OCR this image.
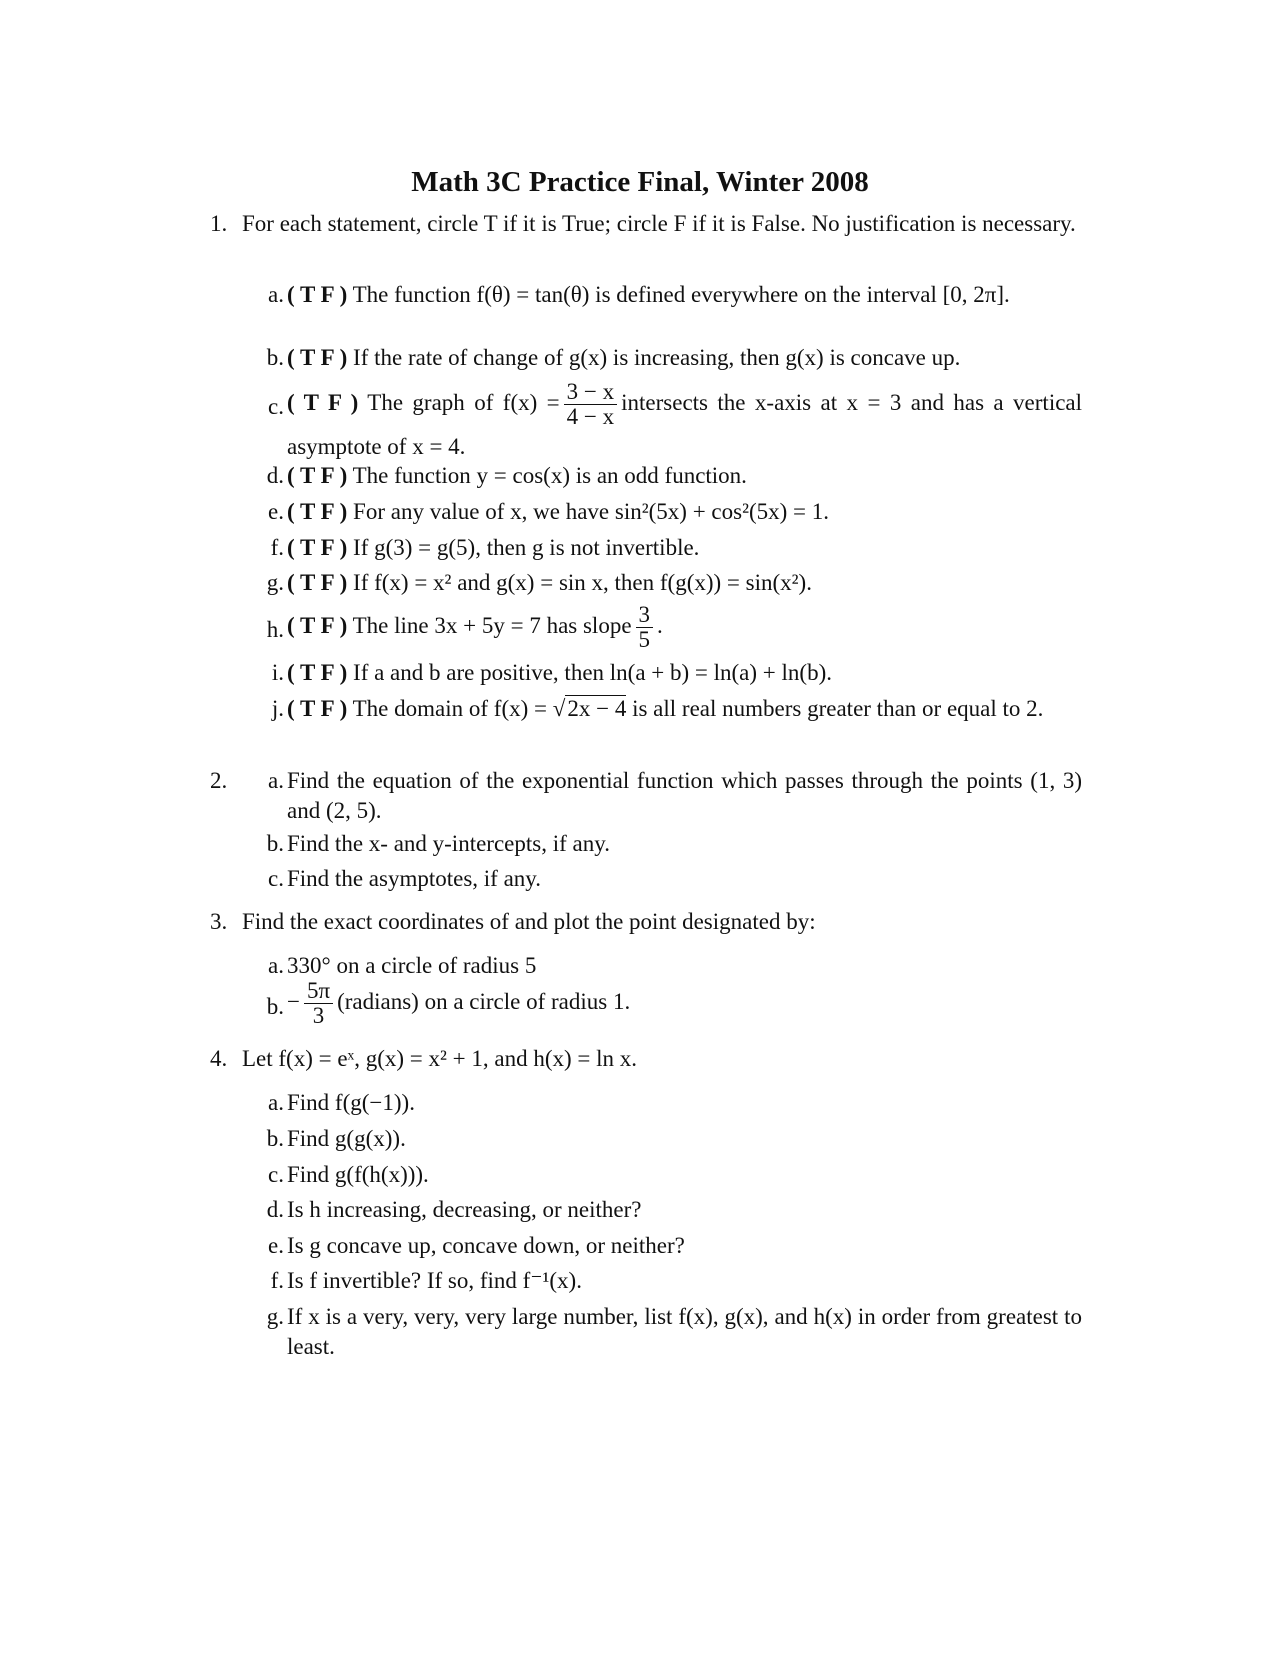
Math 3C Practice Final, Winter 2008
1. For each statement, circle T if it is True; circle F if it is False. No justification is necessary.
a. ( T F ) The function f(θ) = tan(θ) is defined everywhere on the interval [0, 2π].
b. ( T F ) If the rate of change of g(x) is increasing, then g(x) is concave up.
c. ( T F ) The graph of $f(x) = \frac{3 - x}{4 - x}$ intersects the x-axis at x = 3 and has a vertical asymptote of x = 4.
d. ( T F ) The function y = cos(x) is an odd function.
e. ( T F ) For any value of x, we have sin²(5x) + cos²(5x) = 1.
f. ( T F ) If g(3) = g(5), then g is not invertible.
g. ( T F ) If f(x) = x² and g(x) = sin x, then f(g(x)) = sin(x²).
h. ( T F ) The line 3x + 5y = 7 has slope $\frac{3}{5}$ .
i. ( T F ) If a and b are positive, then ln(a + b) = ln(a) + ln(b).
j. ( T F ) The domain of f(x) = √2x − 4 is all real numbers greater than or equal to 2.
2.	a. Find the equation of the exponential function which passes through the points (1, 3) and (2, 5).
b. Find the x- and y-intercepts, if any.
c. Find the asymptotes, if any.
3. Find the exact coordinates of and plot the point designated by:
a. 330° on a circle of radius 5
b. − $\frac{5\pi}{3}$ (radians) on a circle of radius 1.
4. Let f(x) = eˣ, g(x) = x² + 1, and h(x) = ln x.
a. Find f(g(−1)).
b. Find g(g(x)).
c. Find g(f(h(x))).
d. Is h increasing, decreasing, or neither?
e. Is g concave up, concave down, or neither?
f. Is f invertible? If so, find f⁻¹(x).
g. If x is a very, very, very large number, list f(x), g(x), and h(x) in order from greatest to least.
